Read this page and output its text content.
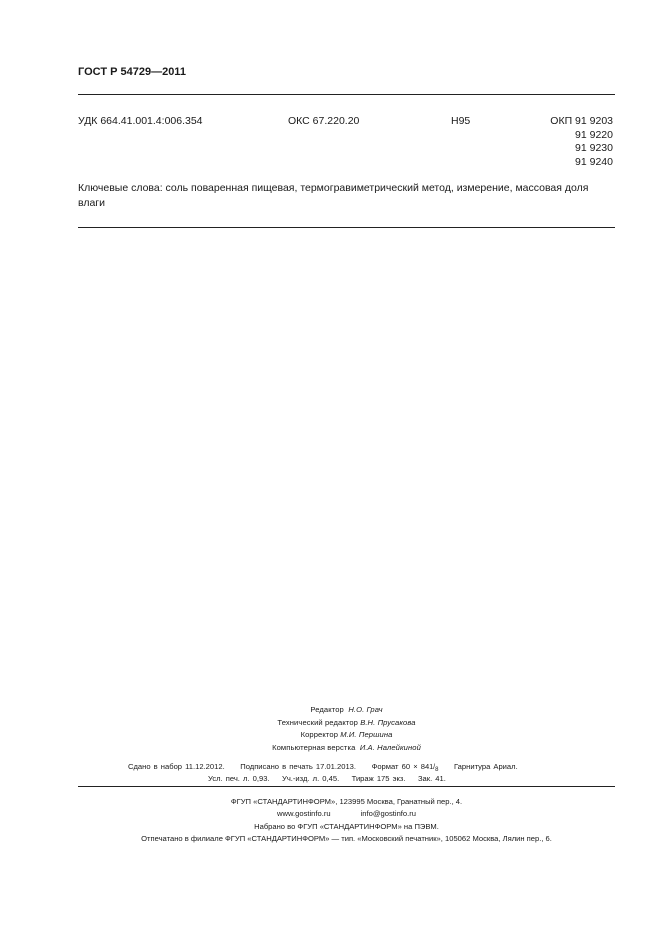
ГОСТ Р 54729—2011
УДК 664.41.001.4:006.354	ОКС 67.220.20	Н95	ОКП 91 9203
91 9220
91 9230
91 9240
Ключевые слова: соль поваренная пищевая, термогравиметрический метод, измерение, массовая доля влаги
Редактор Н.О. Грач
Технический редактор В.Н. Прусакова
Корректор М.И. Першина
Компьютерная верстка И.А. Налейкиной
Сдано в набор 11.12.2012. Подписано в печать 17.01.2013. Формат 60 × 841/8 Гарнитура Ариал.
Усл. печ. л. 0,93. Уч.-изд. л. 0,45. Тираж 175 экз. Зак. 41.
ФГУП «СТАНДАРТИНФОРМ», 123995 Москва, Гранатный пер., 4.
www.gostinfo.ru	info@gostinfo.ru
Набрано во ФГУП «СТАНДАРТИНФОРМ» на ПЭВМ.
Отпечатано в филиале ФГУП «СТАНДАРТИНФОРМ» — тип. «Московский печатник», 105062 Москва, Лялин пер., 6.
